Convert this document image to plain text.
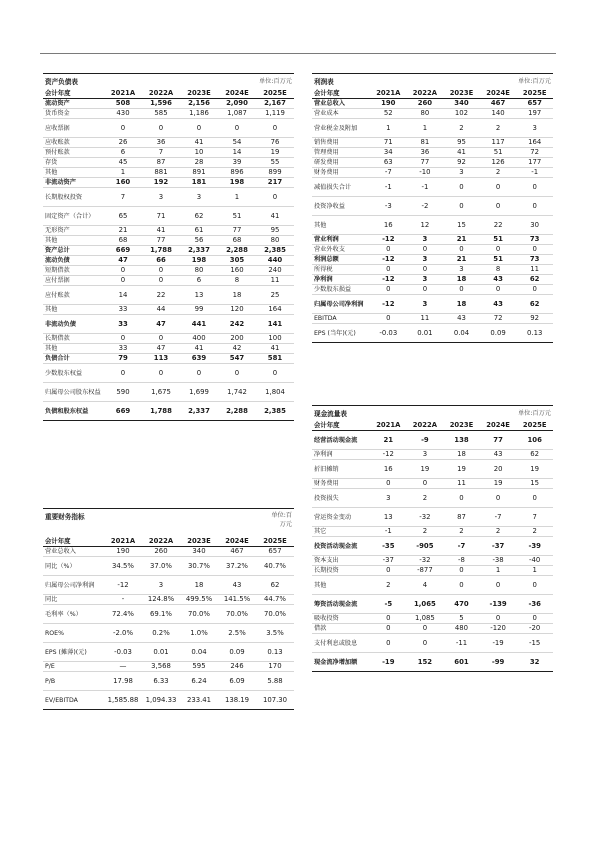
资产负债表	单位:百万元
会计年度	2021A	2022A	2023E	2024E	2025E
流动资产	508	1,596	2,156	2,090	2,167
货币资金	430	585	1,186	1,087	1,119
应收票据	0	0	0	0	0
应收账款	26	36	41	54	76
预付账款	6	7	10	14	19
存货	45	87	28	39	55
其他	1	881	891	896	899
非流动资产	160	192	181	198	217
长期股权投资	7	3	3	1	0
固定资产（合计）	65	71	62	51	41
无形资产	21	41	61	77	95
其他	68	77	56	68	80
资产总计	669	1,788	2,337	2,288	2,385
流动负债	47	66	198	305	440
短期借款	0	0	80	160	240
应付票据	0	0	6	8	11
应付账款	14	22	13	18	25
其他	33	44	99	120	164
非流动负债	33	47	441	242	141
长期借款	0	0	400	200	100
其他	33	47	41	42	41
负债合计	79	113	639	547	581
少数股东权益	0	0	0	0	0
归属母公司股东权益	590	1,675	1,699	1,742	1,804
负债和股东权益	669	1,788	2,337	2,288	2,385
利润表	单位:百万元
会计年度	2021A	2022A	2023E	2024E	2025E
营业总收入	190	260	340	467	657
营业成本	52	80	102	140	197
营业税金及附加	1	1	2	2	3
销售费用	71	81	95	117	164
管理费用	34	36	41	51	72
研发费用	63	77	92	126	177
财务费用	-7	-10	3	2	-1
减值损失合计	-1	-1	0	0	0
投资净收益	-3	-2	0	0	0
其他	16	12	15	22	30
营业利润	-12	3	21	51	73
营业外收支	0	0	0	0	0
利润总额	-12	3	21	51	73
所得税	0	0	3	8	11
净利润	-12	3	18	43	62
少数股东损益	0	0	0	0	0
归属母公司净利润	-12	3	18	43	62
EBITDA	0	11	43	72	92
EPS (当年)(元)	-0.03	0.01	0.04	0.09	0.13
重要财务指标	单位:百万元
会计年度	2021A	2022A	2023E	2024E	2025E
营业总收入	190	260	340	467	657
同比（%）	34.5%	37.0%	30.7%	37.2%	40.7%
归属母公司净利润	-12	3	18	43	62
同比	-	124.8%	499.5%	141.5%	44.7%
毛利率（%）	72.4%	69.1%	70.0%	70.0%	70.0%
ROE%	-2.0%	0.2%	1.0%	2.5%	3.5%
EPS (摊薄)(元)	-0.03	0.01	0.04	0.09	0.13
P/E	—	3,568	595	246	170
P/B	17.98	6.33	6.24	6.09	5.88
EV/EBITDA	1,585.88	1,094.33	233.41	138.19	107.30
现金流量表	单位:百万元
会计年度	2021A	2022A	2023E	2024E	2025E
经营活动现金流	21	-9	138	77	106
净利润	-12	3	18	43	62
折旧摊销	16	19	19	20	19
财务费用	0	0	11	19	15
投资损失	3	2	0	0	0
营运资金变动	13	-32	87	-7	7
其它	-1	2	2	2	2
投资活动现金流	-35	-905	-7	-37	-39
资本支出	-37	-32	-8	-38	-40
长期投资	0	-877	0	1	1
其他	2	4	0	0	0
筹资活动现金流	-5	1,065	470	-139	-36
吸收投资	0	1,085	5	0	0
借款	0	0	480	-120	-20
支付利息或股息	0	0	-11	-19	-15
现金流净增加额	-19	152	601	-99	32
